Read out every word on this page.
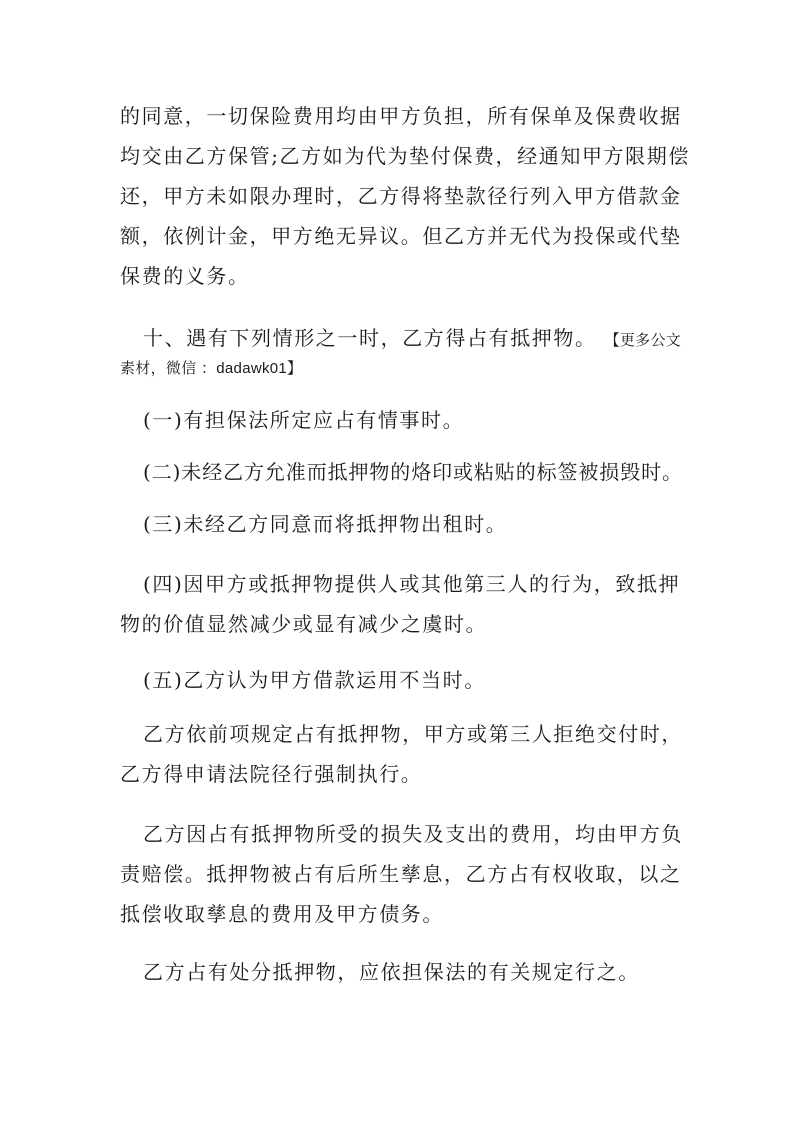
的同意，一切保险费用均由甲方负担，所有保单及保费收据
均交由乙方保管;乙方如为代为垫付保费，经通知甲方限期偿
还，甲方未如限办理时，乙方得将垫款径行列入甲方借款金
额，依例计金，甲方绝无异议。但乙方并无代为投保或代垫
保费的义务。
十、遇有下列情形之一时，乙方得占有抵押物。 【更多公文
素材，微信 ：dadawk01】
(一)有担保法所定应占有情事时。
(二)未经乙方允准而抵押物的烙印或粘贴的标签被损毁时。
(三)未经乙方同意而将抵押物出租时。
(四)因甲方或抵押物提供人或其他第三人的行为，致抵押
物的价值显然减少或显有减少之虞时。
(五)乙方认为甲方借款运用不当时。
乙方依前项规定占有抵押物，甲方或第三人拒绝交付时，
乙方得申请法院径行强制执行。
乙方因占有抵押物所受的损失及支出的费用，均由甲方负
责赔偿。抵押物被占有后所生孳息，乙方占有权收取，以之
抵偿收取孳息的费用及甲方债务。
乙方占有处分抵押物，应依担保法的有关规定行之。
